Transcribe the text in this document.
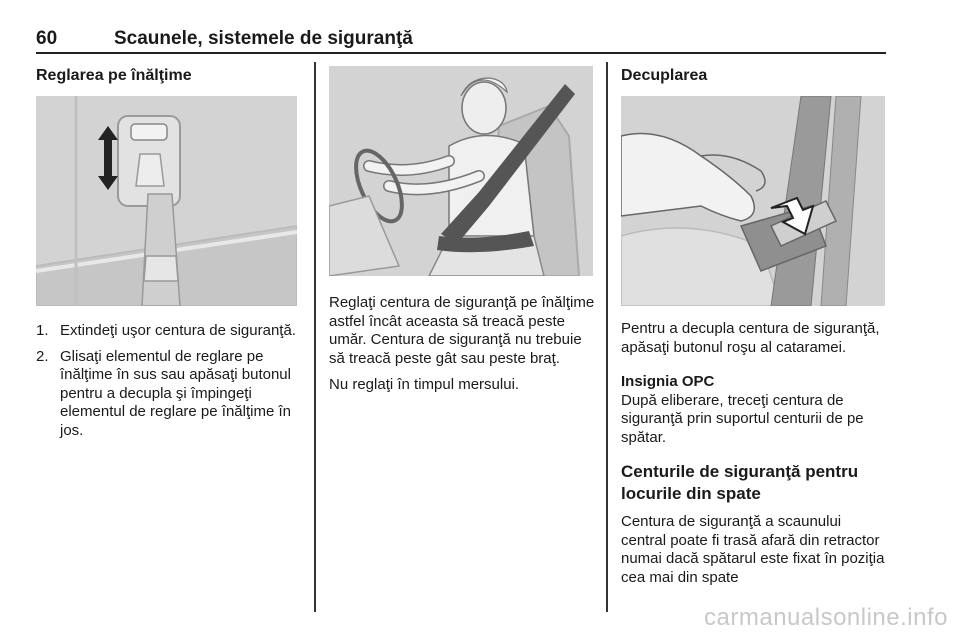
60	Scaunele, sistemele de siguranţă
Reglarea pe înălţime
1. Extindeţi uşor centura de siguranţă.
2. Glisaţi elementul de reglare pe înălţime în sus sau apăsaţi butonul pentru a decupla şi împingeţi elementul de reglare pe înălţime în jos.

Reglaţi centura de siguranţă pe înălţime astfel încât aceasta să treacă peste umăr. Centura de siguranţă nu trebuie să treacă peste gât sau peste braţ.

Nu reglaţi în timpul mersului.

Decuplarea

Pentru a decupla centura de siguranţă, apăsaţi butonul roşu al cataramei.

Insignia OPC

După eliberare, treceţi centura de siguranţă prin suportul centurii de pe spătar.

Centurile de siguranţă pentru locurile din spate

Centura de siguranţă a scaunului central poate fi trasă afară din retractor numai dacă spătarul este fixat în poziţia cea mai din spate

carmanualsonline.info
